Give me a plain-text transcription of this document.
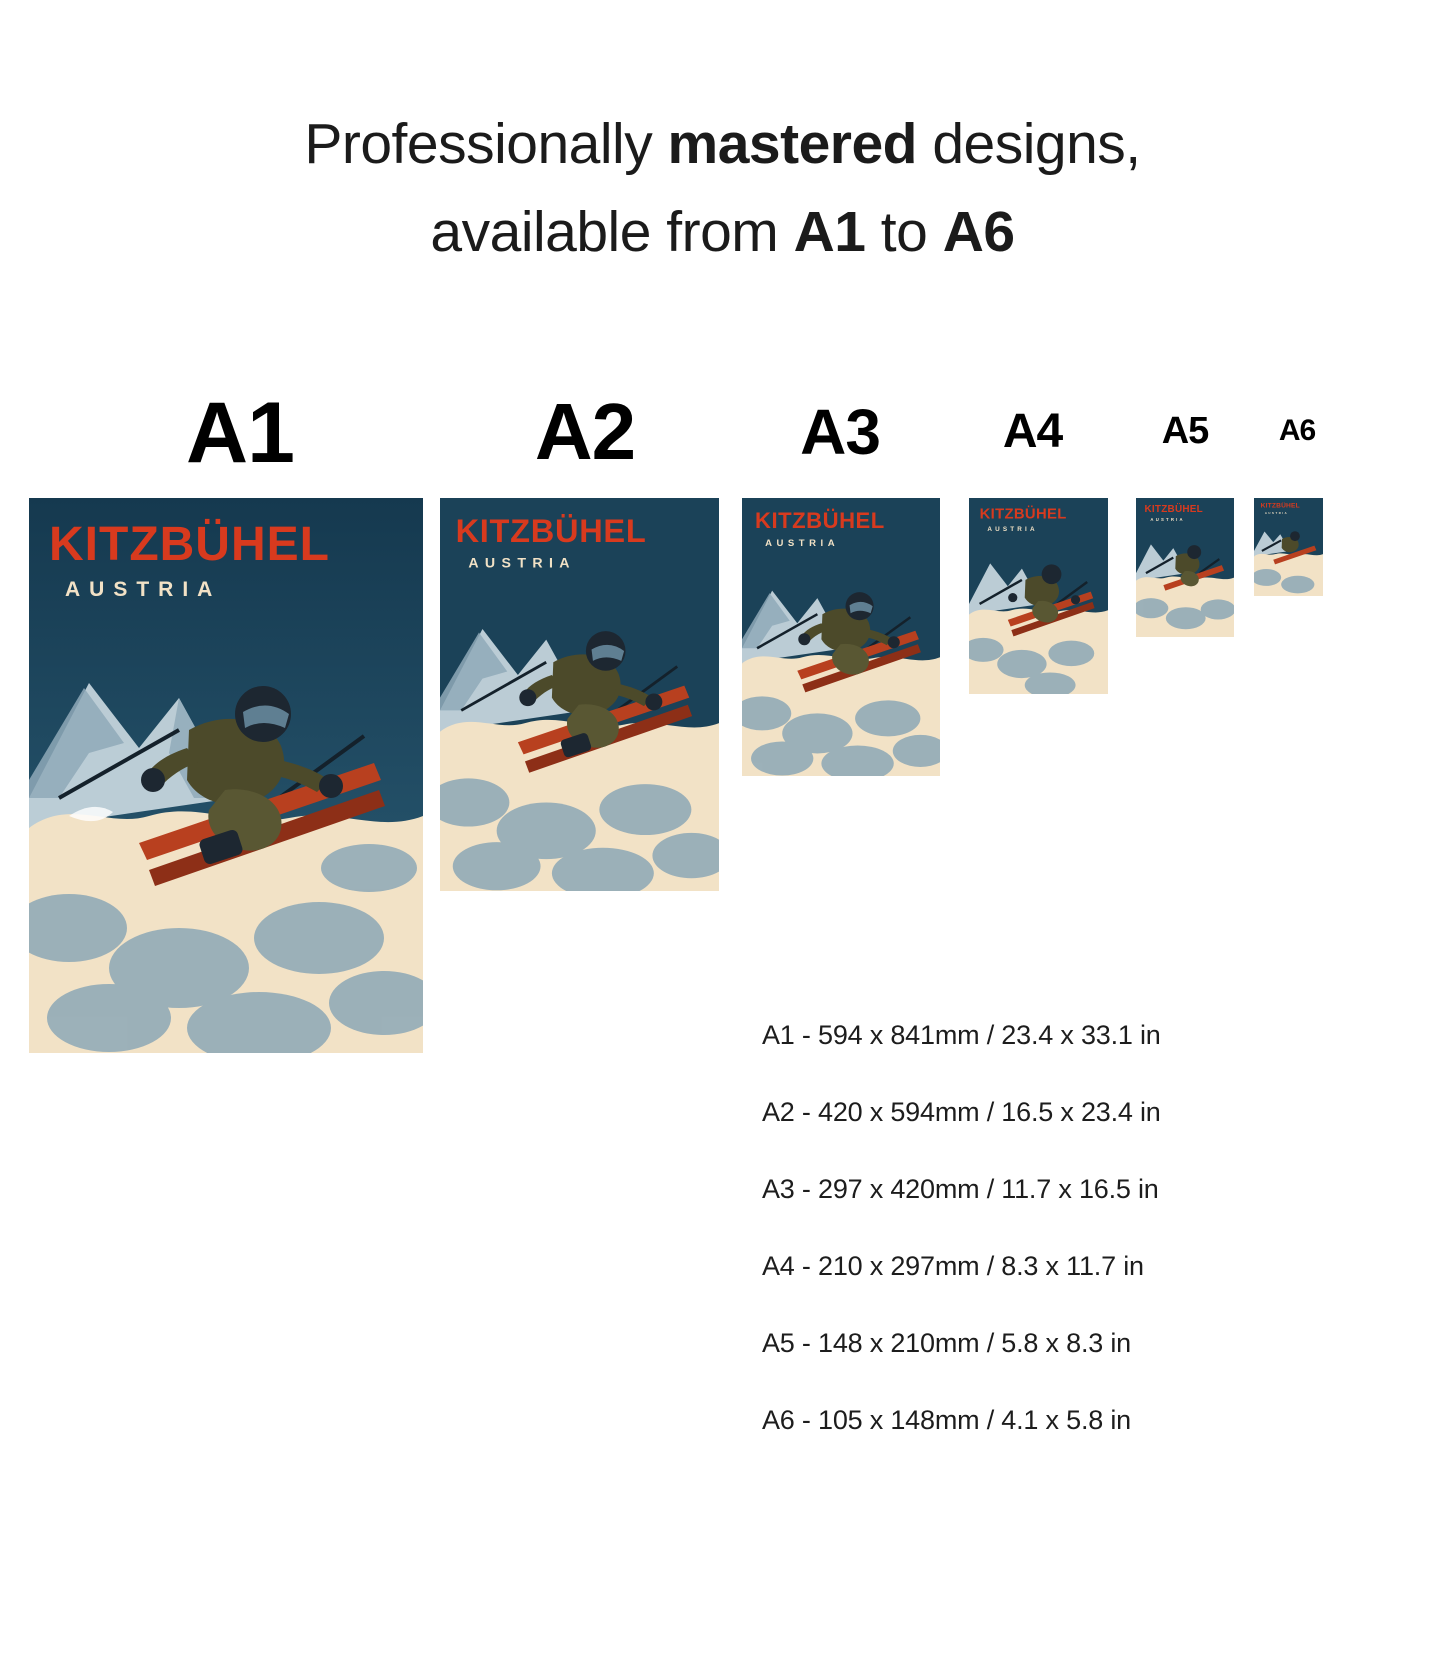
Professionally mastered designs,
available from A1 to A6
A1	A2	A3	A4	A5	A6
KITZBÜHEL
AUSTRIA
KITZBÜHEL
AUSTRIA
KITZBÜHEL
AUSTRIA
KITZBÜHEL
AUSTRIA
KITZBÜHEL
AUSTRIA
KITZBÜHEL
AUSTRIA
A1 - 594 x 841mm / 23.4 x 33.1 in
A2 - 420 x 594mm / 16.5 x 23.4 in
A3 - 297 x 420mm / 11.7 x 16.5 in
A4 - 210 x 297mm / 8.3 x 11.7 in
A5 - 148 x 210mm / 5.8 x 8.3 in
A6 - 105 x 148mm / 4.1 x 5.8 in
